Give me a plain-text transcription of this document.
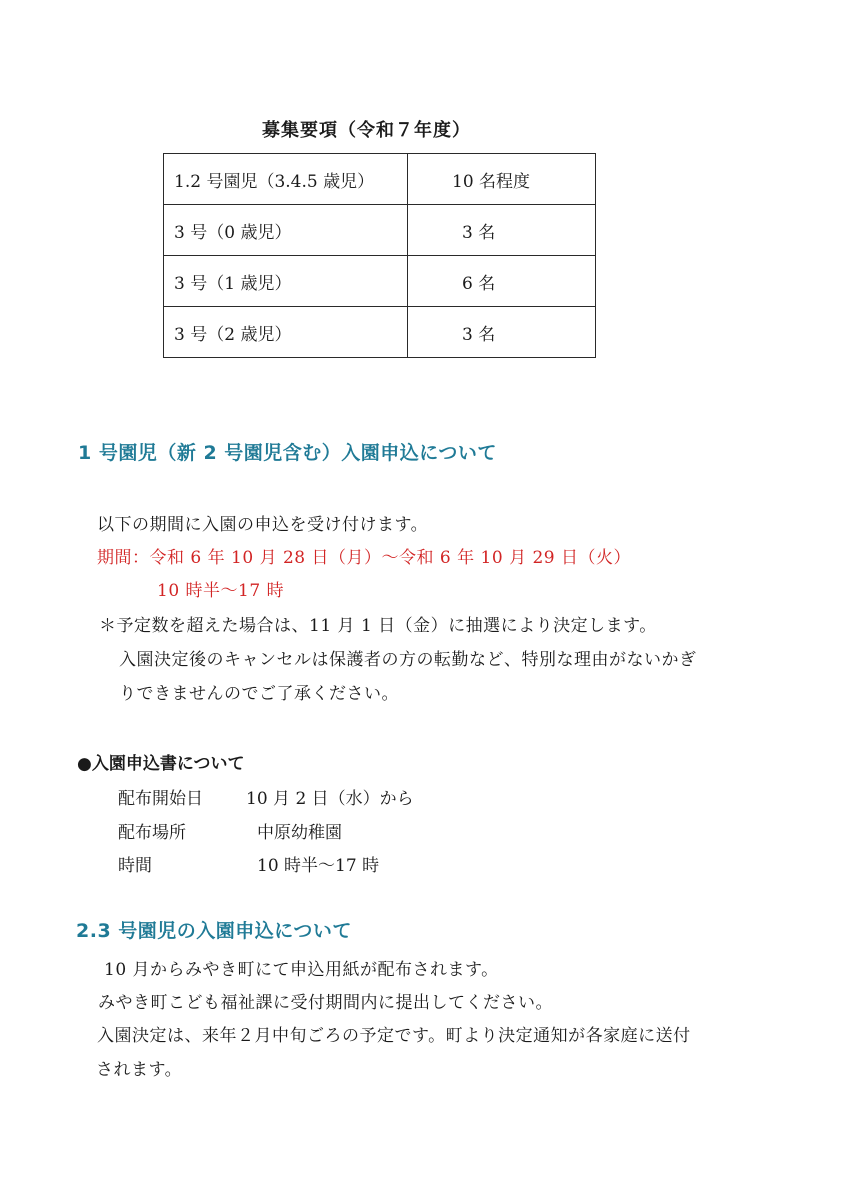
募集要項（令和７年度）
1.2 号園児（3.4.5 歳児）	10 名程度
3 号（0 歳児）	3 名
3 号（1 歳児）	6 名
3 号（2 歳児）	3 名
1 号園児（新 2 号園児含む）入園申込について
以下の期間に入園の申込を受け付けます。
期間：令和 6 年 10 月 28 日（月）～令和 6 年 10 月 29 日（火）
10 時半～17 時
＊予定数を超えた場合は、11 月 1 日（金）に抽選により決定します。
入園決定後のキャンセルは保護者の方の転勤など、特別な理由がないかぎ
りできませんのでご了承ください。
●入園申込書について
配布開始日	10 月 2 日（水）から
配布場所	中原幼稚園
時間	10 時半～17 時
2.3 号園児の入園申込について
10 月からみやき町にて申込用紙が配布されます。
みやき町こども福祉課に受付期間内に提出してください。
入園決定は、来年２月中旬ごろの予定です。町より決定通知が各家庭に送付
されます。
